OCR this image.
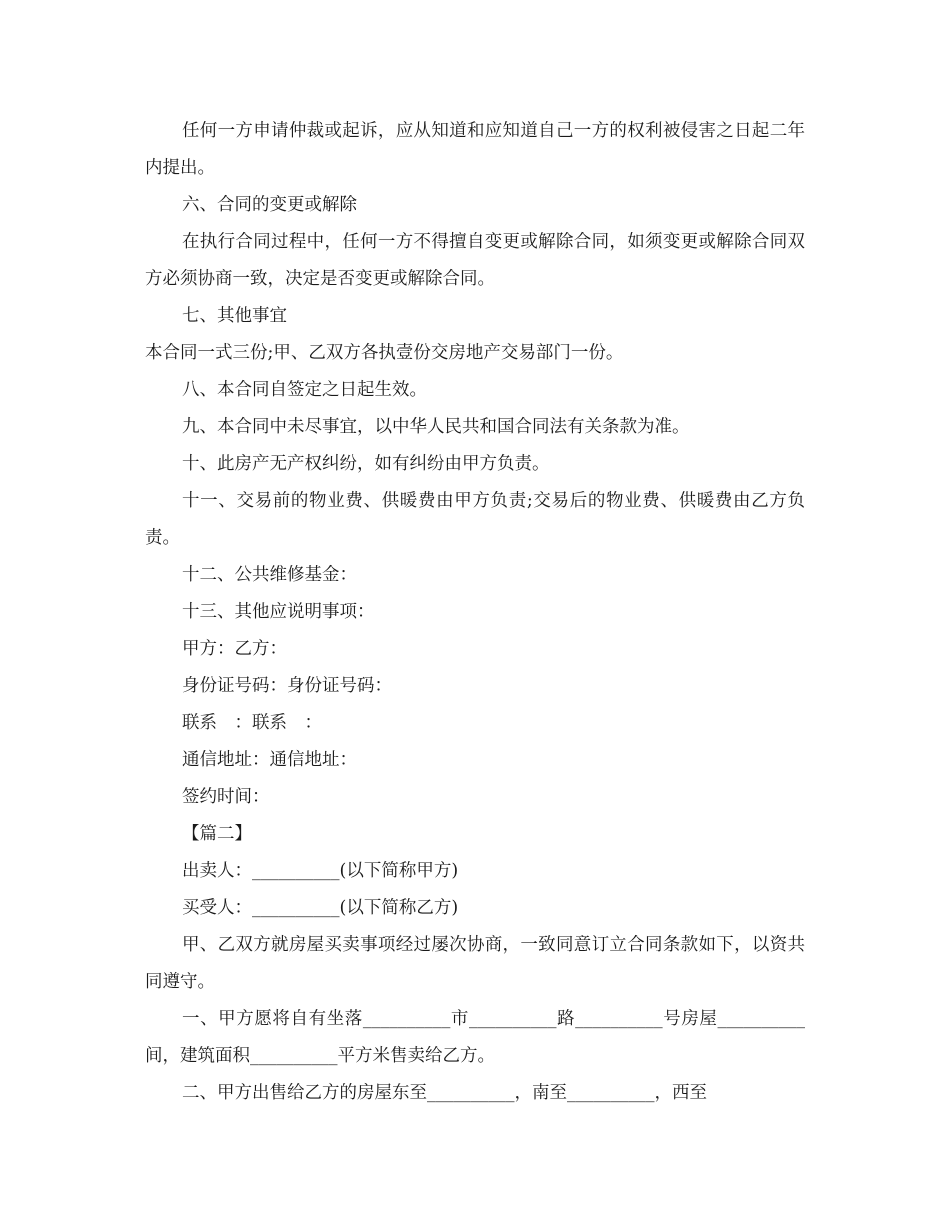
任何一方申请仲裁或起诉，应从知道和应知道自己一方的权利被侵害之日起二年内提出。

六、合同的变更或解除

在执行合同过程中，任何一方不得擅自变更或解除合同，如须变更或解除合同双方必须协商一致，决定是否变更或解除合同。

七、其他事宜

本合同一式三份;甲、乙双方各执壹份交房地产交易部门一份。

八、本合同自签定之日起生效。

九、本合同中未尽事宜，以中华人民共和国合同法有关条款为准。

十、此房产无产权纠纷，如有纠纷由甲方负责。

十一、交易前的物业费、供暖费由甲方负责;交易后的物业费、供暖费由乙方负责。

十二、公共维修基金：

十三、其他应说明事项：

甲方：乙方：

身份证号码：身份证号码：

联系　：联系　：

通信地址：通信地址：

签约时间：

【篇二】

出卖人：__________(以下简称甲方)

买受人：__________(以下简称乙方)

甲、乙双方就房屋买卖事项经过屡次协商，一致同意订立合同条款如下，以资共同遵守。

一、甲方愿将自有坐落__________市__________路__________号房屋__________间，建筑面积__________平方米售卖给乙方。

二、甲方出售给乙方的房屋东至__________，南至__________，西至
